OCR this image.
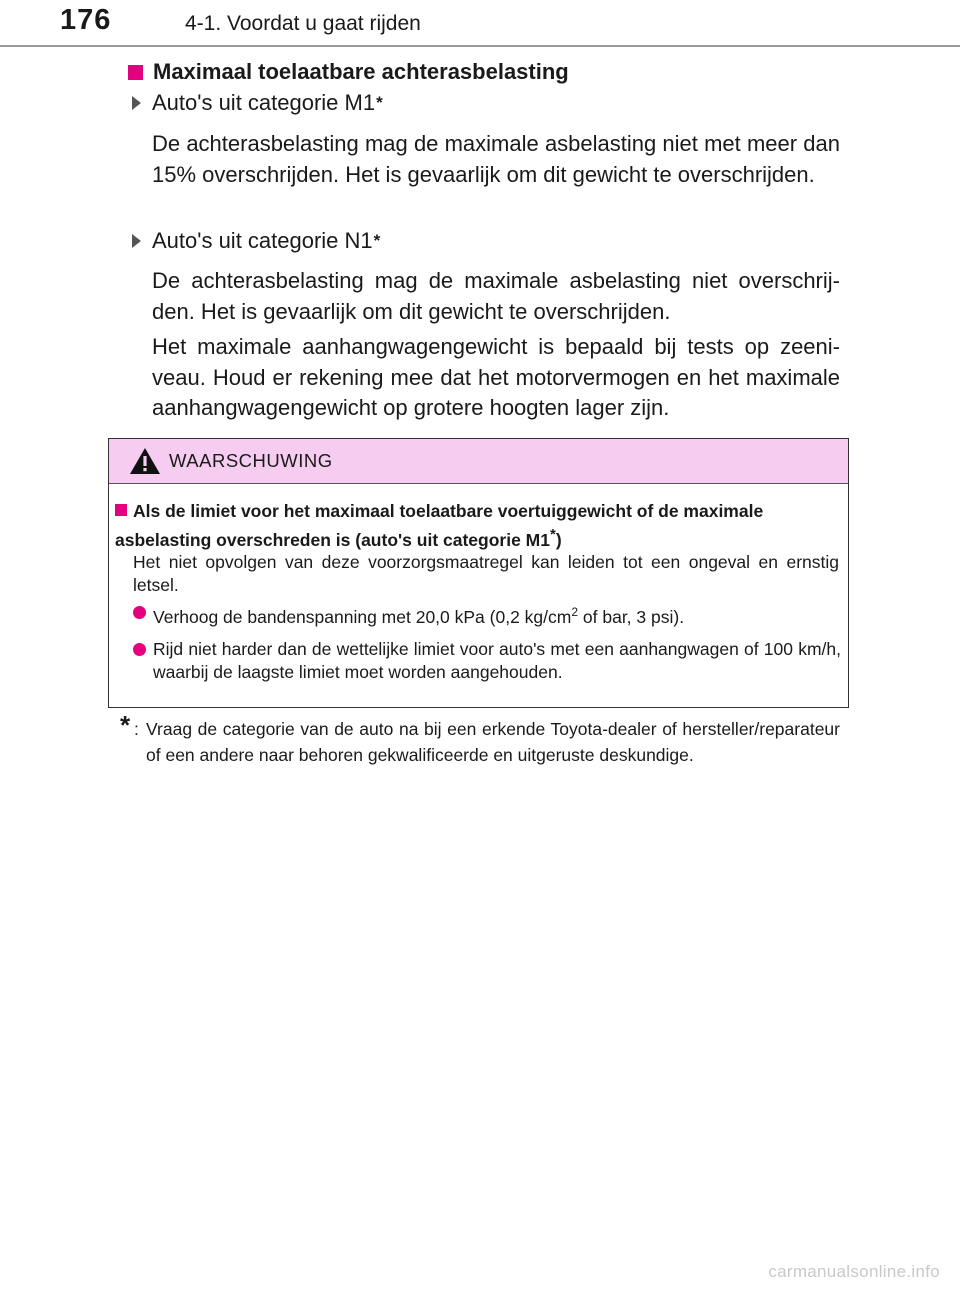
176	4-1. Voordat u gaat rijden
Maximaal toelaatbare achterasbelasting
Auto's uit categorie M1 *
De achterasbelasting mag de maximale asbelasting niet met meer dan 15% overschrijden. Het is gevaarlijk om dit gewicht te overschrijden.
Auto's uit categorie N1 *
De achterasbelasting mag de maximale asbelasting niet overschrijden. Het is gevaarlijk om dit gewicht te overschrijden.
Het maximale aanhangwagengewicht is bepaald bij tests op zeeniveau. Houd er rekening mee dat het motorvermogen en het maximale aanhangwagengewicht op grotere hoogten lager zijn.
WAARSCHUWING
Als de limiet voor het maximaal toelaatbare voertuiggewicht of de maximale asbelasting overschreden is (auto's uit categorie M1*)
Het niet opvolgen van deze voorzorgsmaatregel kan leiden tot een ongeval en ernstig letsel.
Verhoog de bandenspanning met 20,0 kPa (0,2 $kg/cm^2$ of bar, 3 psi).
Rijd niet harder dan de wettelijke limiet voor auto's met een aanhangwagen of 100 km/h, waarbij de laagste limiet moet worden aangehouden.
* : Vraag de categorie van de auto na bij een erkende Toyota-dealer of hersteller/reparateur of een andere naar behoren gekwalificeerde en uitgeruste deskundige.
carmanualsonline.info
